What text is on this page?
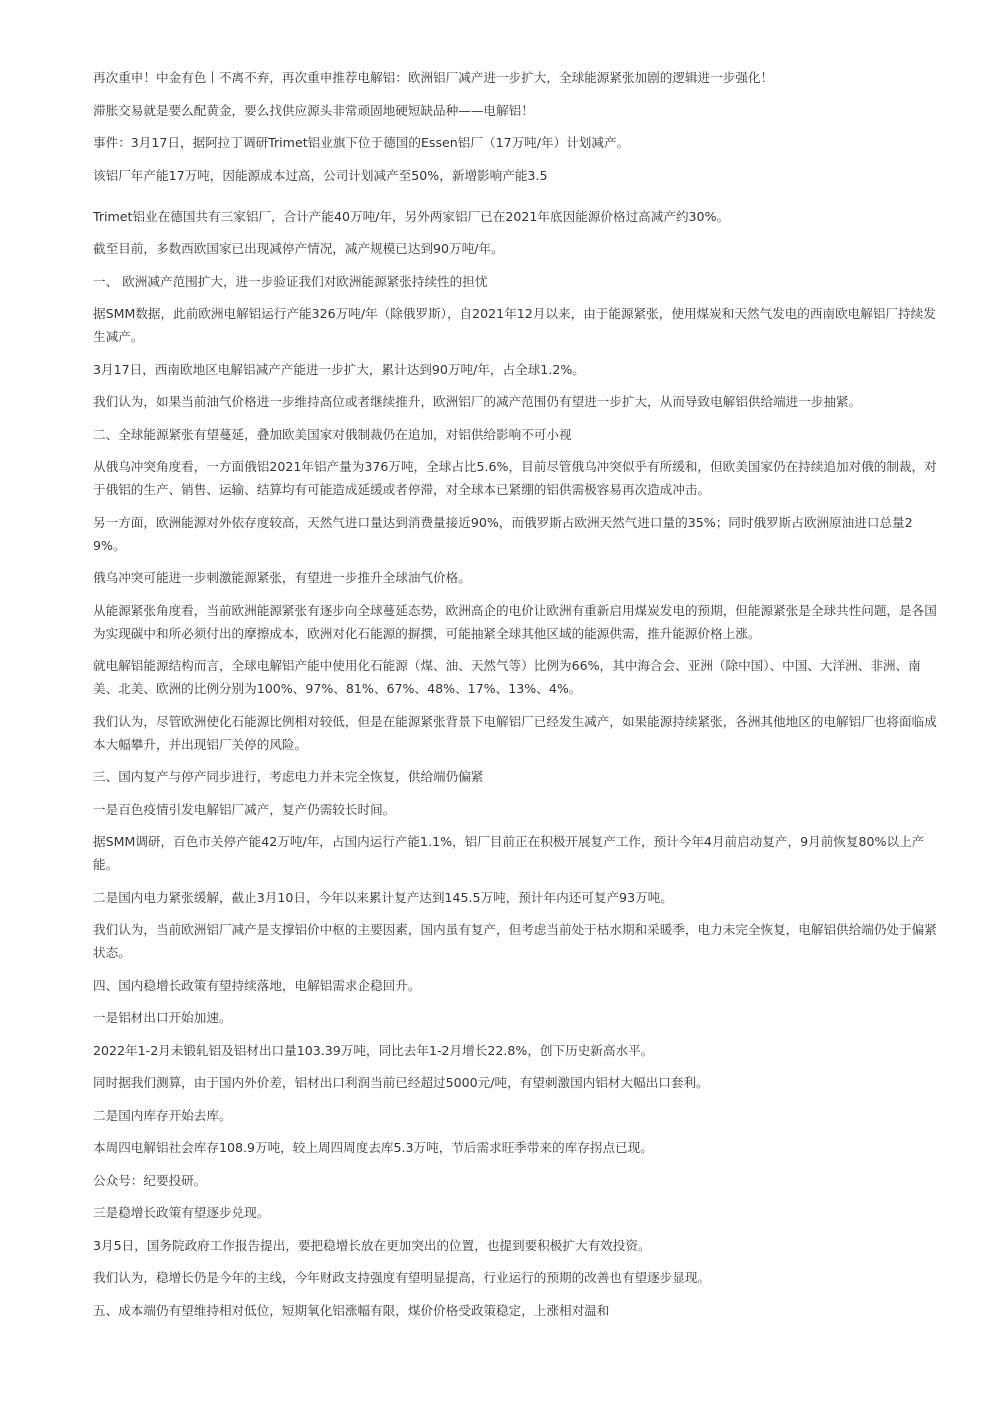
再次重申！中金有色丨不离不弃，再次重申推荐电解铝：欧洲铝厂减产进一步扩大，全球能源紧张加剧的逻辑进一步强化！

滞胀交易就是要么配黄金，要么找供应源头非常顽固地硬短缺品种——电解铝！

事件：3月17日，据阿拉丁调研Trimet铝业旗下位于德国的Essen铝厂（17万吨/年）计划减产。

该铝厂年产能17万吨，因能源成本过高，公司计划减产至50%，新增影响产能3.5

Trimet铝业在德国共有三家铝厂，合计产能40万吨/年，另外两家铝厂已在2021年底因能源价格过高减产约30%。

截至目前，多数西欧国家已出现减停产情况，减产规模已达到90万吨/年。

一、 欧洲减产范围扩大，进一步验证我们对欧洲能源紧张持续性的担忧

据SMM数据，此前欧洲电解铝运行产能326万吨/年（除俄罗斯），自2021年12月以来，由于能源紧张，使用煤炭和天然气发电的西南欧电解铝厂持续发生减产。

3月17日，西南欧地区电解铝减产产能进一步扩大，累计达到90万吨/年，占全球1.2%。

我们认为，如果当前油气价格进一步维持高位或者继续推升，欧洲铝厂的减产范围仍有望进一步扩大，从而导致电解铝供给端进一步抽紧。

二、全球能源紧张有望蔓延，叠加欧美国家对俄制裁仍在追加，对铝供给影响不可小视

从俄乌冲突角度看，一方面俄铝2021年铝产量为376万吨，全球占比5.6%，目前尽管俄乌冲突似乎有所缓和，但欧美国家仍在持续追加对俄的制裁，对于俄铝的生产、销售、运输、结算均有可能造成延缓或者停滞，对全球本已紧绷的铝供需极容易再次造成冲击。

另一方面，欧洲能源对外依存度较高，天然气进口量达到消费量接近90%，而俄罗斯占欧洲天然气进口量的35%；同时俄罗斯占欧洲原油进口总量29%。

俄乌冲突可能进一步刺激能源紧张，有望进一步推升全球油气价格。

从能源紧张角度看，当前欧洲能源紧张有逐步向全球蔓延态势，欧洲高企的电价让欧洲有重新启用煤炭发电的预期，但能源紧张是全球共性问题，是各国为实现碳中和所必须付出的摩擦成本，欧洲对化石能源的摒撰，可能抽紧全球其他区域的能源供需，推升能源价格上涨。

就电解铝能源结构而言，全球电解铝产能中使用化石能源（煤、油、天然气等）比例为66%，其中海合会、亚洲（除中国）、中国、大洋洲、非洲、南美、北美、欧洲的比例分别为100%、97%、81%、67%、48%、17%、13%、4%。

我们认为，尽管欧洲使化石能源比例相对较低，但是在能源紧张背景下电解铝厂已经发生减产，如果能源持续紧张，各洲其他地区的电解铝厂也将面临成本大幅攀升，并出现铝厂关停的风险。

三、国内复产与停产同步进行，考虑电力并未完全恢复，供给端仍偏紧

一是百色疫情引发电解铝厂减产，复产仍需较长时间。

据SMM调研，百色市关停产能42万吨/年，占国内运行产能1.1%，铝厂目前正在积极开展复产工作，预计今年4月前启动复产，9月前恢复80%以上产能。

二是国内电力紧张缓解，截止3月10日，今年以来累计复产达到145.5万吨，预计年内还可复产93万吨。

我们认为，当前欧洲铝厂减产是支撑铝价中枢的主要因素，国内虽有复产，但考虑当前处于枯水期和采暖季，电力未完全恢复，电解铝供给端仍处于偏紧状态。

四、国内稳增长政策有望持续落地，电解铝需求企稳回升。

一是铝材出口开始加速。

2022年1-2月未锻轧铝及铝材出口量103.39万吨，同比去年1-2月增长22.8%，创下历史新高水平。

同时据我们测算，由于国内外价差，铝材出口利润当前已经超过5000元/吨，有望刺激国内铝材大幅出口套利。

二是国内库存开始去库。

本周四电解铝社会库存108.9万吨，较上周四周度去库5.3万吨，节后需求旺季带来的库存拐点已现。

公众号：纪要投研。

三是稳增长政策有望逐步兑现。

3月5日，国务院政府工作报告提出，要把稳增长放在更加突出的位置，也提到要积极扩大有效投资。

我们认为，稳增长仍是今年的主线，今年财政支持强度有望明显提高，行业运行的预期的改善也有望逐步显现。

五、成本端仍有望维持相对低位，短期氧化铝涨幅有限，煤价价格受政策稳定，上涨相对温和
